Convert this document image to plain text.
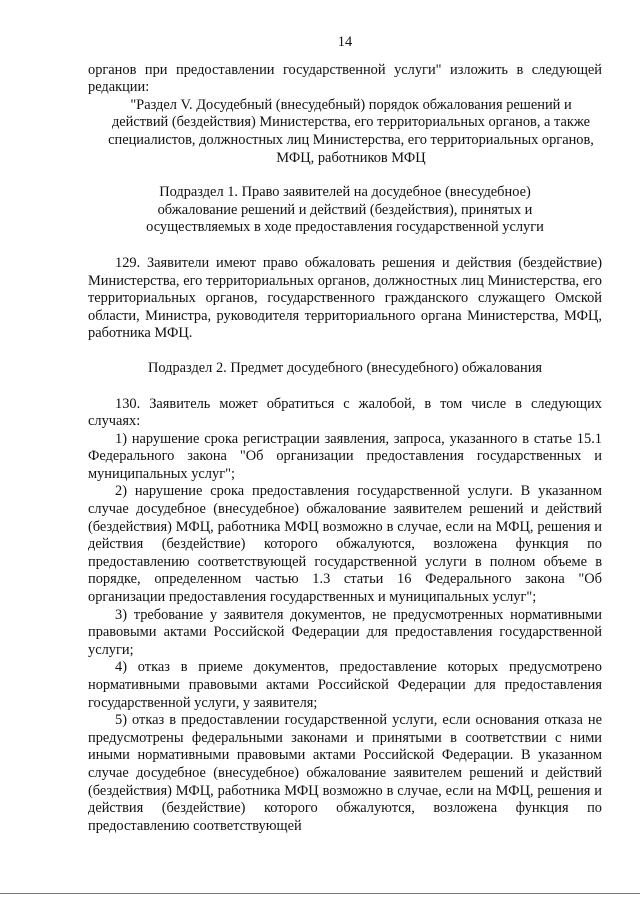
14

органов при предоставлении государственной услуги" изложить в следующей редакции:

"Раздел V. Досудебный (внесудебный) порядок обжалования решений и действий (бездействия) Министерства, его территориальных органов, а также специалистов, должностных лиц Министерства, его территориальных органов, МФЦ, работников МФЦ

Подраздел 1. Право заявителей на досудебное (внесудебное) обжалование решений и действий (бездействия), принятых и осуществляемых в ходе предоставления государственной услуги

129. Заявители имеют право обжаловать решения и действия (бездействие) Министерства, его территориальных органов, должностных лиц Министерства, его территориальных органов, государственного гражданского служащего Омской области, Министра, руководителя территориального органа Министерства, МФЦ, работника МФЦ.

Подраздел 2. Предмет досудебного (внесудебного) обжалования

130. Заявитель может обратиться с жалобой, в том числе в следующих случаях:

1) нарушение срока регистрации заявления, запроса, указанного в статье 15.1 Федерального закона "Об организации предоставления государственных и муниципальных услуг";

2) нарушение срока предоставления государственной услуги. В указанном случае досудебное (внесудебное) обжалование заявителем решений и действий (бездействия) МФЦ, работника МФЦ возможно в случае, если на МФЦ, решения и действия (бездействие) которого обжалуются, возложена функция по предоставлению соответствующей государственной услуги в полном объеме в порядке, определенном частью 1.3 статьи 16 Федерального закона "Об организации предоставления государственных и муниципальных услуг";

3) требование у заявителя документов, не предусмотренных нормативными правовыми актами Российской Федерации для предоставления государственной услуги;

4) отказ в приеме документов, предоставление которых предусмотрено нормативными правовыми актами Российской Федерации для предоставления государственной услуги, у заявителя;

5) отказ в предоставлении государственной услуги, если основания отказа не предусмотрены федеральными законами и принятыми в соответствии с ними иными нормативными правовыми актами Российской Федерации. В указанном случае досудебное (внесудебное) обжалование заявителем решений и действий (бездействия) МФЦ, работника МФЦ возможно в случае, если на МФЦ, решения и действия (бездействие) которого обжалуются, возложена функция по предоставлению соответствующей
